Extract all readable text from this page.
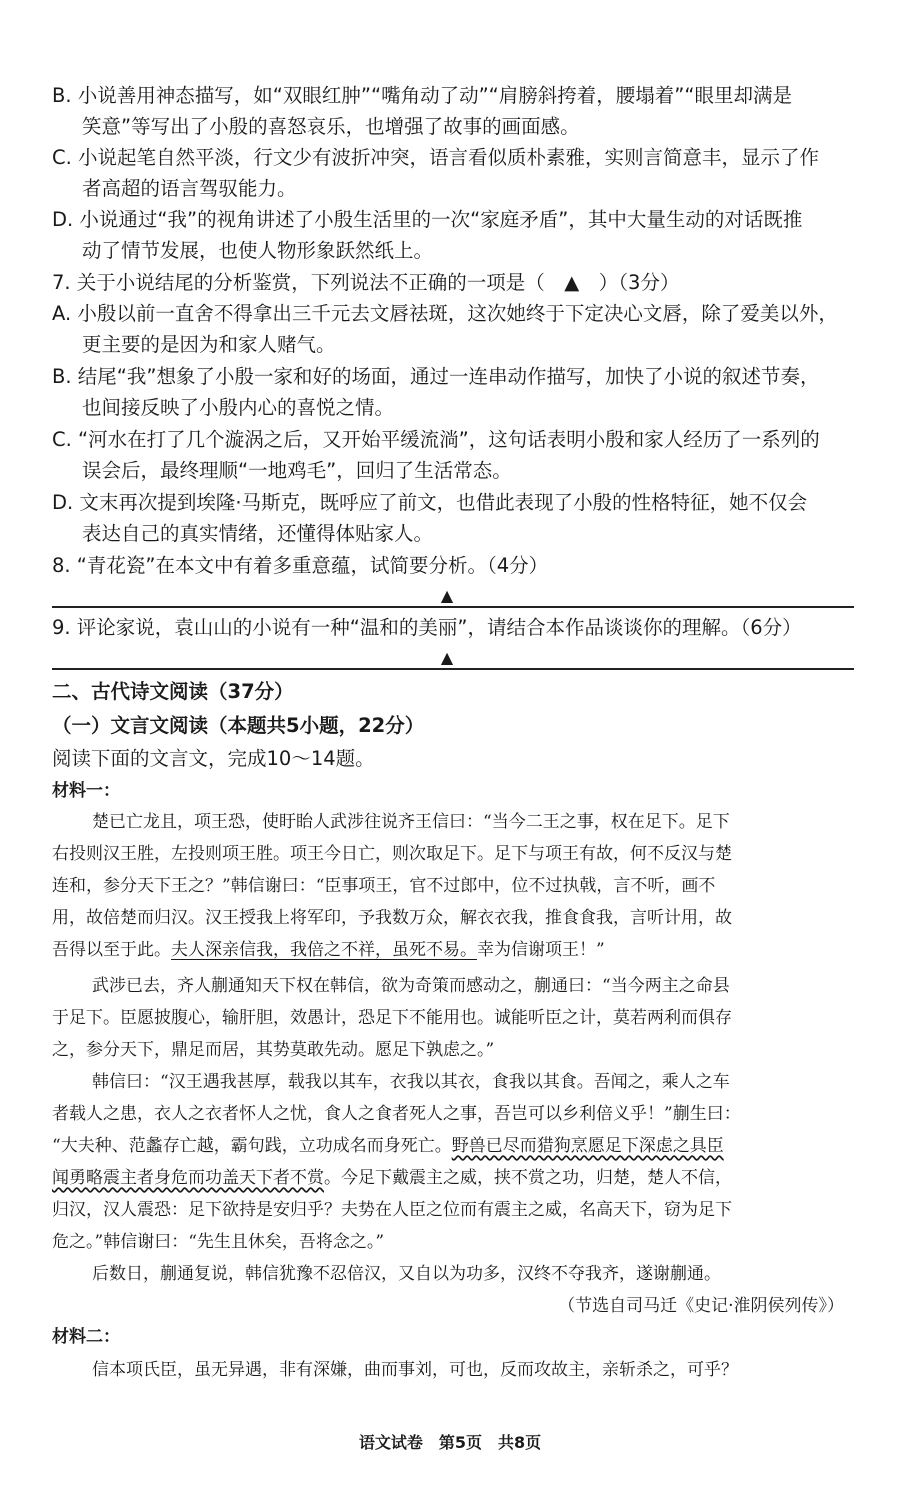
B. 小说善用神态描写，如“双眼红肿”“嘴角动了动”“肩膀斜挎着，腰塌着”“眼里却满是
笑意”等写出了小殷的喜怒哀乐，也增强了故事的画面感。
C. 小说起笔自然平淡，行文少有波折冲突，语言看似质朴素雅，实则言简意丰，显示了作
者高超的语言驾驭能力。
D. 小说通过“我”的视角讲述了小殷生活里的一次“家庭矛盾”，其中大量生动的对话既推
动了情节发展，也使人物形象跃然纸上。
7. 关于小说结尾的分析鉴赏，下列说法不正确的一项是（　▲　）（3分）
A. 小殷以前一直舍不得拿出三千元去文唇祛斑，这次她终于下定决心文唇，除了爱美以外，
更主要的是因为和家人赌气。
B. 结尾“我”想象了小殷一家和好的场面，通过一连串动作描写，加快了小说的叙述节奏，
也间接反映了小殷内心的喜悦之情。
C. “河水在打了几个漩涡之后，又开始平缓流淌”，这句话表明小殷和家人经历了一系列的
误会后，最终理顺“一地鸡毛”，回归了生活常态。
D. 文末再次提到埃隆·马斯克，既呼应了前文，也借此表现了小殷的性格特征，她不仅会
表达自己的真实情绪，还懂得体贴家人。
8. “青花瓷”在本文中有着多重意蕴，试简要分析。（4分）
▲
9. 评论家说，袁山山的小说有一种“温和的美丽”，请结合本作品谈谈你的理解。（6分）
▲
二、古代诗文阅读（37分）
（一）文言文阅读（本题共5小题，22分）
阅读下面的文言文，完成10～14题。
材料一：
楚已亡龙且，项王恐，使盱眙人武涉往说齐王信曰：“当今二王之事，权在足下。足下
右投则汉王胜，左投则项王胜。项王今日亡，则次取足下。足下与项王有故，何不反汉与楚
连和，参分天下王之？”韩信谢曰：“臣事项王，官不过郎中，位不过执戟，言不听，画不
用，故倍楚而归汉。汉王授我上将军印，予我数万众，解衣衣我，推食食我，言听计用，故
吾得以至于此。夫人深亲信我，我倍之不祥，虽死不易。幸为信谢项王！”
武涉已去，齐人蒯通知天下权在韩信，欲为奇策而感动之，蒯通曰：“当今两主之命县
于足下。臣愿披腹心，输肝胆，效愚计，恐足下不能用也。诚能听臣之计，莫若两利而俱存
之，参分天下，鼎足而居，其势莫敢先动。愿足下孰虑之。”
韩信曰：“汉王遇我甚厚，载我以其车，衣我以其衣，食我以其食。吾闻之，乘人之车
者载人之患，衣人之衣者怀人之忧，食人之食者死人之事，吾岂可以乡利倍义乎！”蒯生曰：
“大夫种、范蠡存亡越，霸句践，立功成名而身死亡。野兽已尽而猎狗烹愿足下深虑之具臣
闻勇略震主者身危而功盖天下者不赏。今足下戴震主之威，挟不赏之功，归楚，楚人不信，
归汉，汉人震恐：足下欲持是安归乎？夫势在人臣之位而有震主之威，名高天下，窃为足下
危之。”韩信谢曰：“先生且休矣，吾将念之。”
后数日，蒯通复说，韩信犹豫不忍倍汉，又自以为功多，汉终不夺我齐，遂谢蒯通。
（节选自司马迁《史记·淮阴侯列传》）
材料二：
信本项氏臣，虽无异遇，非有深嫌，曲而事刘，可也，反而攻故主，亲斩杀之，可乎？
语文试卷　第5页　共8页
